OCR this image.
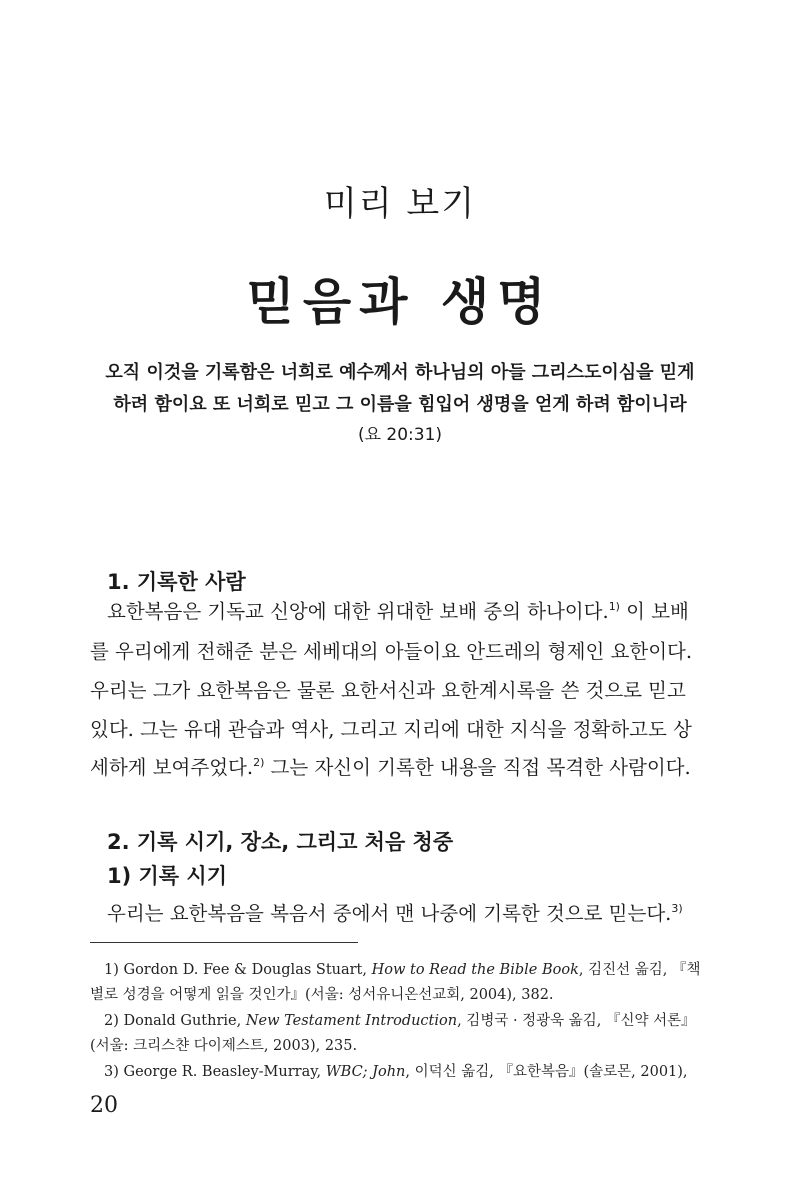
미리 보기
믿음과 생명
오직 이것을 기록함은 너희로 예수께서 하나님의 아들 그리스도이심을 믿게
하려 함이요 또 너희로 믿고 그 이름을 힘입어 생명을 얻게 하려 함이니라
(요 20:31)
1. 기록한 사람
요한복음은 기독교 신앙에 대한 위대한 보배 중의 하나이다.$^{1)}$ 이 보배
를 우리에게 전해준 분은 세베대의 아들이요 안드레의 형제인 요한이다.
우리는 그가 요한복음은 물론 요한서신과 요한계시록을 쓴 것으로 믿고
있다. 그는 유대 관습과 역사, 그리고 지리에 대한 지식을 정확하고도 상
세하게 보여주었다.$^{2)}$ 그는 자신이 기록한 내용을 직접 목격한 사람이다.
2. 기록 시기, 장소, 그리고 처음 청중
1) 기록 시기
우리는 요한복음을 복음서 중에서 맨 나중에 기록한 것으로 믿는다.$^{3)}$
1) Gordon D. Fee & Douglas Stuart, How to Read the Bible Book, 김진선 옮김, 『책
별로 성경을 어떻게 읽을 것인가』(서울: 성서유니온선교회, 2004), 382.
2) Donald Guthrie, New Testament Introduction, 김병국 · 정광욱 옮김, 『신약 서론』
(서울: 크리스챤 다이제스트, 2003), 235.
3) George R. Beasley-Murray, WBC; John, 이덕신 옮김, 『요한복음』(솔로몬, 2001),
20
